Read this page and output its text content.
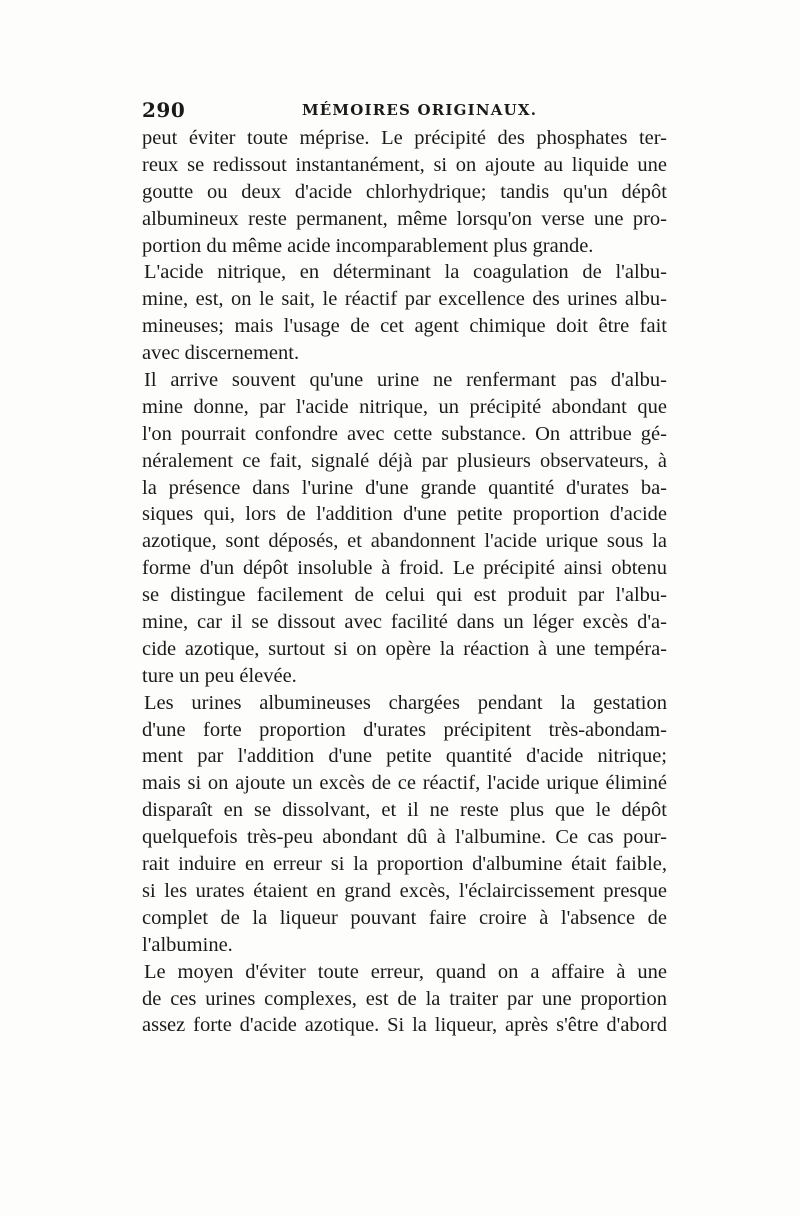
290	MÉMOIRES ORIGINAUX.
peut éviter toute méprise. Le précipité des phosphates ter-
reux se redissout instantanément, si on ajoute au liquide une
goutte ou deux d'acide chlorhydrique; tandis qu'un dépôt
albumineux reste permanent, même lorsqu'on verse une pro-
portion du même acide incomparablement plus grande.
L'acide nitrique, en déterminant la coagulation de l'albu-
mine, est, on le sait, le réactif par excellence des urines albu-
mineuses; mais l'usage de cet agent chimique doit être fait
avec discernement.
Il arrive souvent qu'une urine ne renfermant pas d'albu-
mine donne, par l'acide nitrique, un précipité abondant que
l'on pourrait confondre avec cette substance. On attribue gé-
néralement ce fait, signalé déjà par plusieurs observateurs, à
la présence dans l'urine d'une grande quantité d'urates ba-
siques qui, lors de l'addition d'une petite proportion d'acide
azotique, sont déposés, et abandonnent l'acide urique sous la
forme d'un dépôt insoluble à froid. Le précipité ainsi obtenu
se distingue facilement de celui qui est produit par l'albu-
mine, car il se dissout avec facilité dans un léger excès d'a-
cide azotique, surtout si on opère la réaction à une tempéra-
ture un peu élevée.
Les urines albumineuses chargées pendant la gestation
d'une forte proportion d'urates précipitent très-abondam-
ment par l'addition d'une petite quantité d'acide nitrique;
mais si on ajoute un excès de ce réactif, l'acide urique éliminé
disparaît en se dissolvant, et il ne reste plus que le dépôt
quelquefois très-peu abondant dû à l'albumine. Ce cas pour-
rait induire en erreur si la proportion d'albumine était faible,
si les urates étaient en grand excès, l'éclaircissement presque
complet de la liqueur pouvant faire croire à l'absence de
l'albumine.
Le moyen d'éviter toute erreur, quand on a affaire à une
de ces urines complexes, est de la traiter par une proportion
assez forte d'acide azotique. Si la liqueur, après s'être d'abord
